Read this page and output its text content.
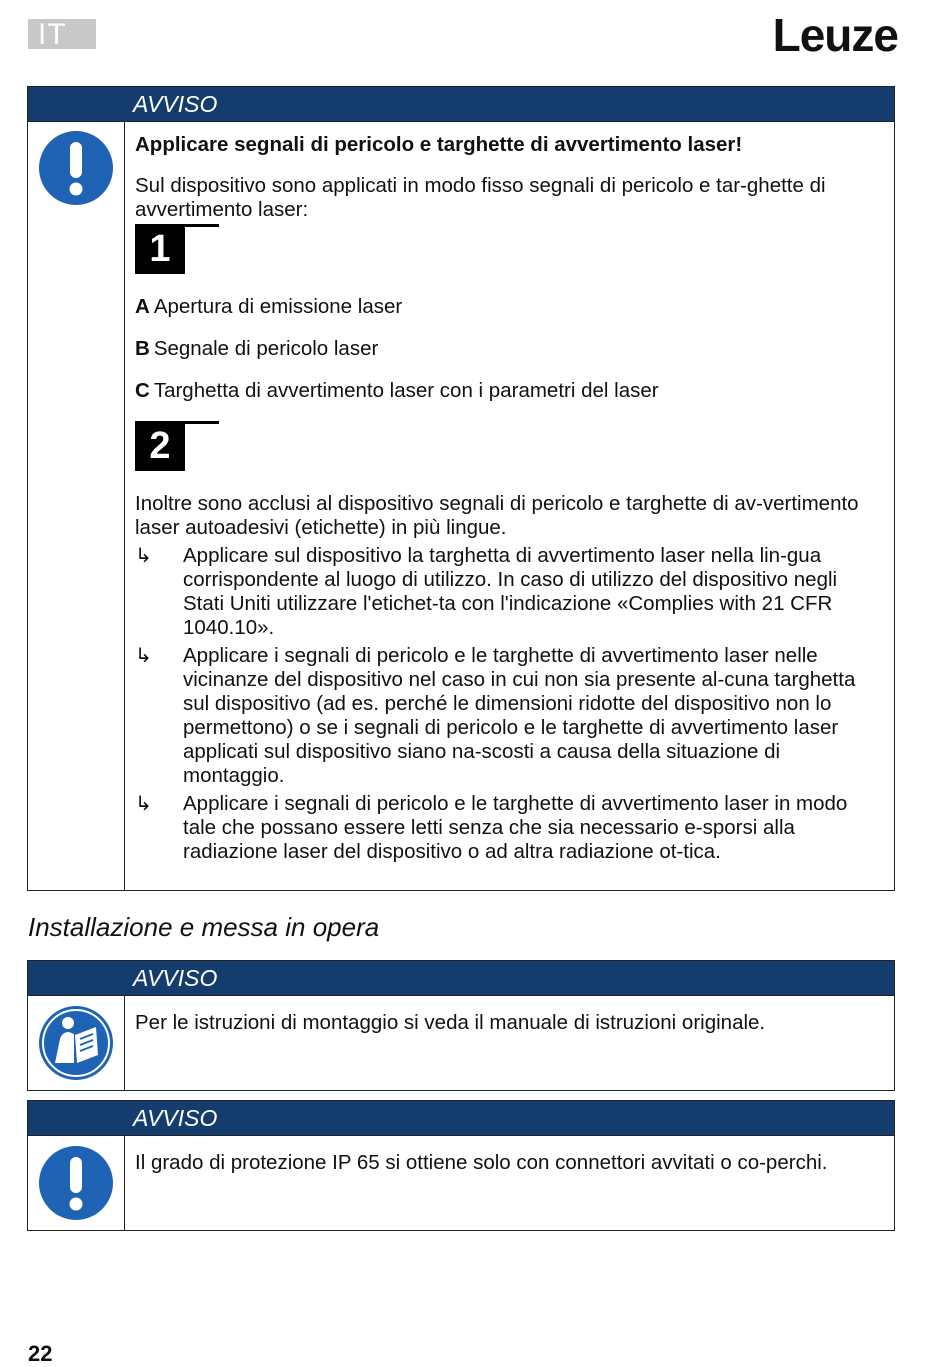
IT	Leuze
AVVISO

Applicare segnali di pericolo e targhette di avvertimento laser!

Sul dispositivo sono applicati in modo fisso segnali di pericolo e tar-ghette di avvertimento laser:

1
A Apertura di emissione laser
B Segnale di pericolo laser
C Targhetta di avvertimento laser con i parametri del laser
2

Inoltre sono acclusi al dispositivo segnali di pericolo e targhette di av-vertimento laser autoadesivi (etichette) in più lingue.

↳	Applicare sul dispositivo la targhetta di avvertimento laser nella lin-gua corrispondente al luogo di utilizzo. In caso di utilizzo del dispositivo negli Stati Uniti utilizzare l'etichet-ta con l'indicazione «Complies with 21 CFR 1040.10».
↳	Applicare i segnali di pericolo e le targhette di avvertimento laser nelle vicinanze del dispositivo nel caso in cui non sia presente al-cuna targhetta sul dispositivo (ad es. perché le dimensioni ridotte del dispositivo non lo permettono) o se i segnali di pericolo e le targhette di avvertimento laser applicati sul dispositivo siano na-scosti a causa della situazione di montaggio.
↳	Applicare i segnali di pericolo e le targhette di avvertimento laser in modo tale che possano essere letti senza che sia necessario e-sporsi alla radiazione laser del dispositivo o ad altra radiazione ot-tica.
Installazione e messa in opera
AVVISO

Per le istruzioni di montaggio si veda il manuale di istruzioni originale.

AVVISO

Il grado di protezione IP 65 si ottiene solo con connettori avvitati o co-perchi.

22
